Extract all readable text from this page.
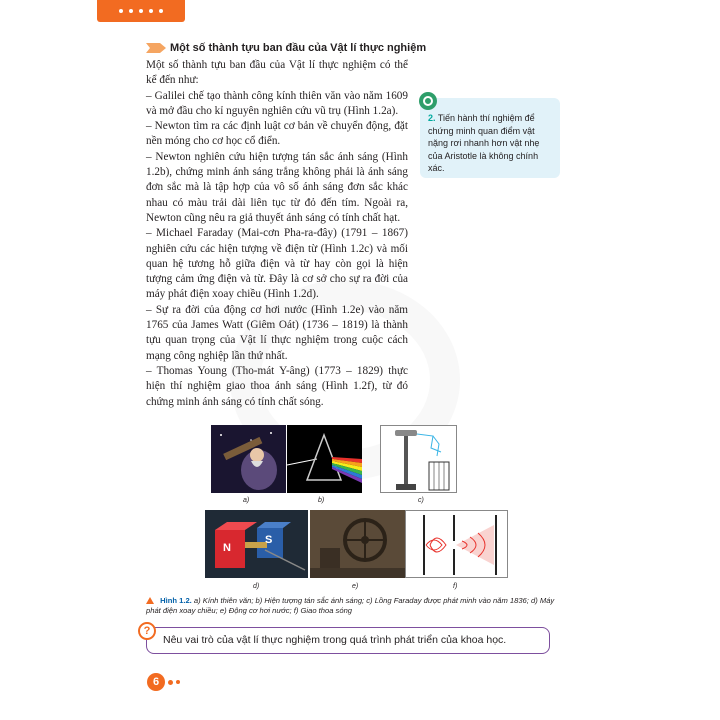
Một số thành tựu ban đầu của Vật lí thực nghiệm

Một số thành tựu ban đầu của Vật lí thực nghiệm có thể kể đến như:

– Galilei chế tạo thành công kính thiên văn vào năm 1609 và mở đầu cho kỉ nguyên nghiên cứu vũ trụ (Hình 1.2a).

– Newton tìm ra các định luật cơ bản về chuyển động, đặt nền móng cho cơ học cổ điển.

– Newton nghiên cứu hiện tượng tán sắc ánh sáng (Hình 1.2b), chứng minh ánh sáng trắng không phải là ánh sáng đơn sắc mà là tập hợp của vô số ánh sáng đơn sắc khác nhau có màu trải dài liên tục từ đỏ đến tím. Ngoài ra, Newton cũng nêu ra giả thuyết ánh sáng có tính chất hạt.

– Michael Faraday (Mai-cơn Pha-ra-đây) (1791 – 1867) nghiên cứu các hiện tượng về điện từ (Hình 1.2c) và mối quan hệ tương hỗ giữa điện và từ hay còn gọi là hiện tượng cảm ứng điện và từ. Đây là cơ sở cho sự ra đời của máy phát điện xoay chiều (Hình 1.2d).

– Sự ra đời của động cơ hơi nước (Hình 1.2e) vào năm 1765 của James Watt (Giêm Oát) (1736 – 1819) là thành tựu quan trọng của Vật lí thực nghiệm trong cuộc cách mạng công nghiệp lần thứ nhất.

– Thomas Young (Tho-mát Y-âng) (1773 – 1829) thực hiện thí nghiệm giao thoa ánh sáng (Hình 1.2f), từ đó chứng minh ánh sáng có tính chất sóng.

2. Tiến hành thí nghiệm để chứng minh quan điểm vật nặng rơi nhanh hơn vật nhẹ của Aristotle là không chính xác.
a)	b)	c)
N
S
d)	e)	f)
Hình 1.2. a) Kính thiên văn; b) Hiện tượng tán sắc ánh sáng; c) Lồng Faraday được phát minh vào năm 1836; d) Máy phát điện xoay chiều; e) Động cơ hơi nước; f) Giao thoa sóng
Nêu vai trò của vật lí thực nghiệm trong quá trình phát triển của khoa học.
?
6
